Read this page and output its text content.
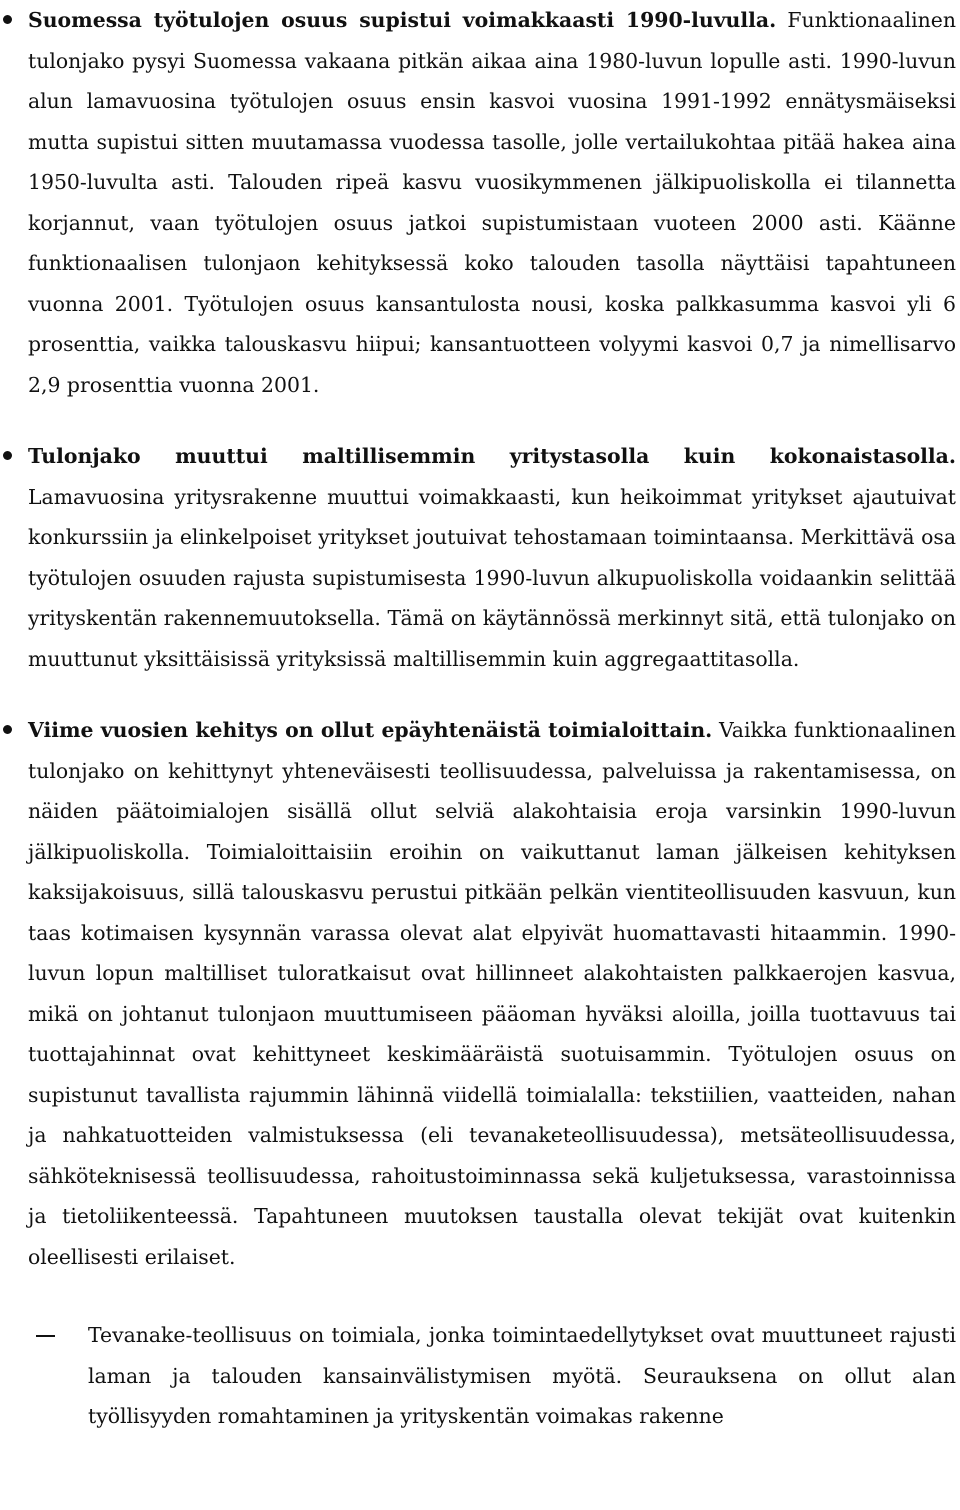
Suomessa työtulojen osuus supistui voimakkaasti 1990-luvulla. Funktionaalinen tulonjako pysyi Suomessa vakaana pitkän aikaa aina 1980-luvun lopulle asti. 1990-luvun alun lamavuosina työtulojen osuus ensin kasvoi vuosina 1991-1992 ennätysmäiseksi mutta supistui sitten muutamassa vuodessa tasolle, jolle vertailukohtaa pitää hakea aina 1950-luvulta asti. Talouden ripeä kasvu vuosikymmenen jälkipuoliskolla ei tilannetta korjannut, vaan työtulojen osuus jatkoi supistumistaan vuoteen 2000 asti. Käänne funktionaalisen tulonjaon kehityksessä koko talouden tasolla näyttäisi tapahtuneen vuonna 2001. Työtulojen osuus kansantulosta nousi, koska palkkasumma kasvoi yli 6 prosenttia, vaikka talouskasvu hiipui; kansantuotteen volyymi kasvoi 0,7 ja nimellisarvo 2,9 prosenttia vuonna 2001.
Tulonjako muuttui maltillisemmin yritystasolla kuin kokonaistasolla. Lamavuosina yritysrakenne muuttui voimakkaasti, kun heikoimmat yritykset ajautuivat konkurssiin ja elinkelpoiset yritykset joutuivat tehostamaan toimintaansa. Merkittävä osa työtulojen osuuden rajusta supistumisesta 1990-luvun alkupuoliskolla voidaankin selittää yrityskentän rakennemuutoksella. Tämä on käytännössä merkinnyt sitä, että tulonjako on muuttunut yksittäisissä yrityksissä maltillisemmin kuin aggregaattitasolla.
Viime vuosien kehitys on ollut epäyhtenäistä toimialoittain. Vaikka funktionaalinen tulonjako on kehittynyt yhteneväisesti teollisuudessa, palveluissa ja rakentamisessa, on näiden päätoimialojen sisällä ollut selviä alakohtaisia eroja varsinkin 1990-luvun jälkipuoliskolla. Toimialoittaisiin eroihin on vaikuttanut laman jälkeisen kehityksen kaksijakoisuus, sillä talouskasvu perustui pitkään pelkän vientiteollisuuden kasvuun, kun taas kotimaisen kysynnän varassa olevat alat elpyivät huomattavasti hitaammin. 1990-luvun lopun maltilliset tuloratkaisut ovat hillinneet alakohtaisten palkkaerojen kasvua, mikä on johtanut tulonjaon muuttumiseen pääoman hyväksi aloilla, joilla tuottavuus tai tuottajahinnat ovat kehittyneet keskimääräistä suotuisammin. Työtulojen osuus on supistunut tavallista rajummin lähinnä viidellä toimialalla: tekstiilien, vaatteiden, nahan ja nahkatuotteiden valmistuksessa (eli tevanaketeollisuudessa), metsäteollisuudessa, sähköteknisessä teollisuudessa, rahoitustoiminnassa sekä kuljetuksessa, varastoinnissa ja tietoliikenteessä. Tapahtuneen muutoksen taustalla olevat tekijät ovat kuitenkin oleellisesti erilaiset.
Tevanake-teollisuus on toimiala, jonka toimintaedellytykset ovat muuttuneet rajusti laman ja talouden kansainvälistymisen myötä. Seurauksena on ollut alan työllisyyden romahtaminen ja yrityskentän voimakas rakenne
